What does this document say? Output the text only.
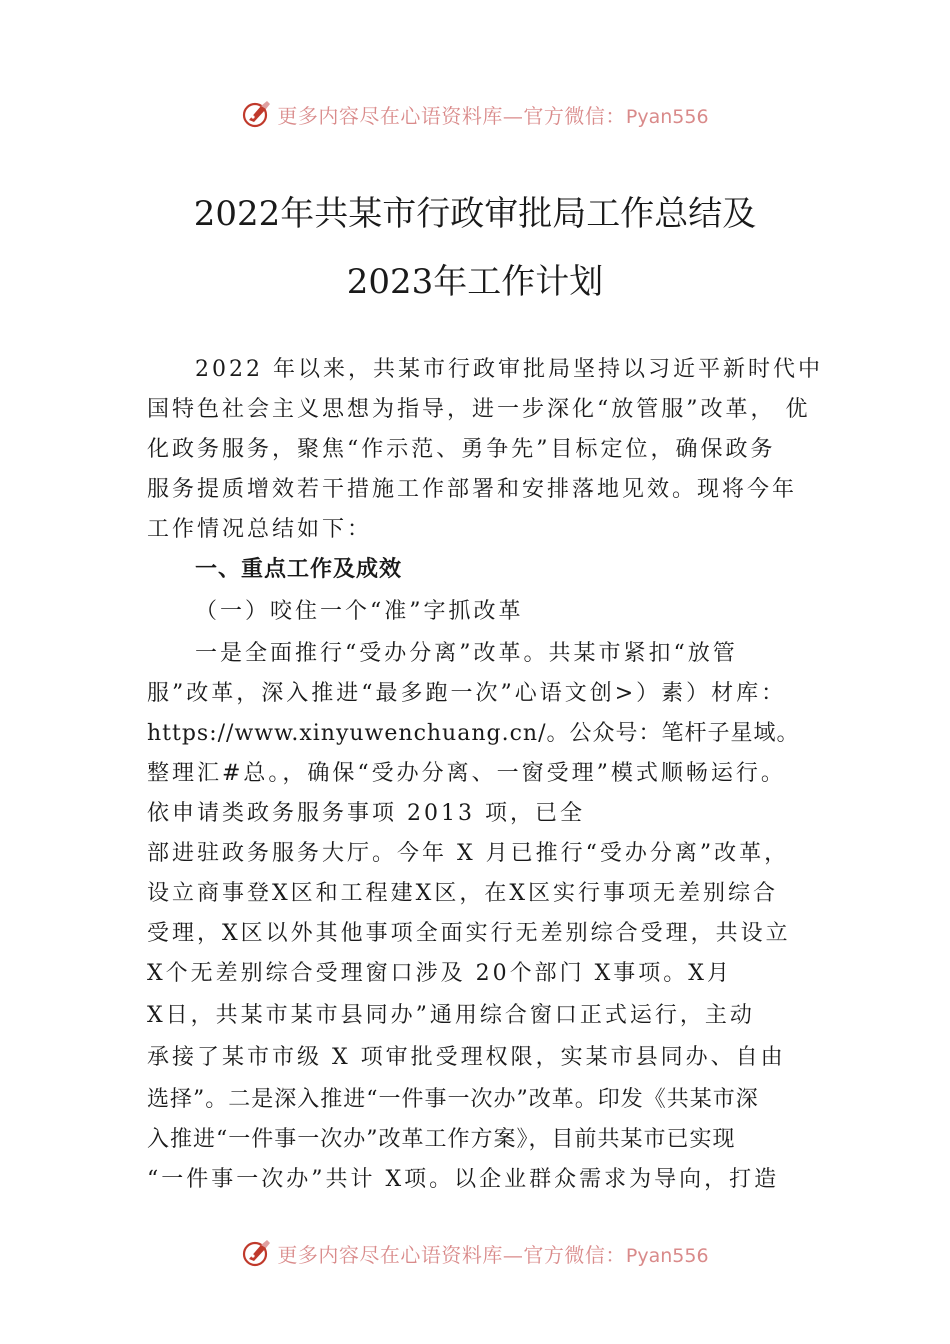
更多内容尽在心语资料库—官方微信：Pyan556
2022年共某市行政审批局工作总结及
2023年工作计划
2022 年以来，共某市行政审批局坚持以习近平新时代中
国特色社会主义思想为指导，进一步深化“放管服”改革， 优
化政务服务，聚焦“作示范、勇争先”目标定位，确保政务
服务提质增效若干措施工作部署和安排落地见效。现将今年
工作情况总结如下：
一、重点工作及成效
（一）咬住一个“准”字抓改革
一是全面推行“受办分离”改革。共某市紧扣“放管
服”改革，深入推进“最多跑一次”心语文创>）素）材库：
https://www.xinyuwenchuang.cn/。公众号：笔杆子星域。
整理汇#总。，确保“受办分离、一窗受理”模式顺畅运行。
依申请类政务服务事项 2013 项，已全
部进驻政务服务大厅。今年 X 月已推行“受办分离”改革，
设立商事登X区和工程建X区，在X区实行事项无差别综合
受理，X区以外其他事项全面实行无差别综合受理，共设立
X个无差别综合受理窗口涉及 20个部门 X事项。X月
X日，共某市某市县同办”通用综合窗口正式运行，主动
承接了某市市级 X 项审批受理权限，实某市县同办、自由
选择”。二是深入推进“一件事一次办”改革。印发《共某市深
入推进“一件事一次办”改革工作方案》，目前共某市已实现
“一件事一次办”共计 X项。以企业群众需求为导向，打造
更多内容尽在心语资料库—官方微信：Pyan556
